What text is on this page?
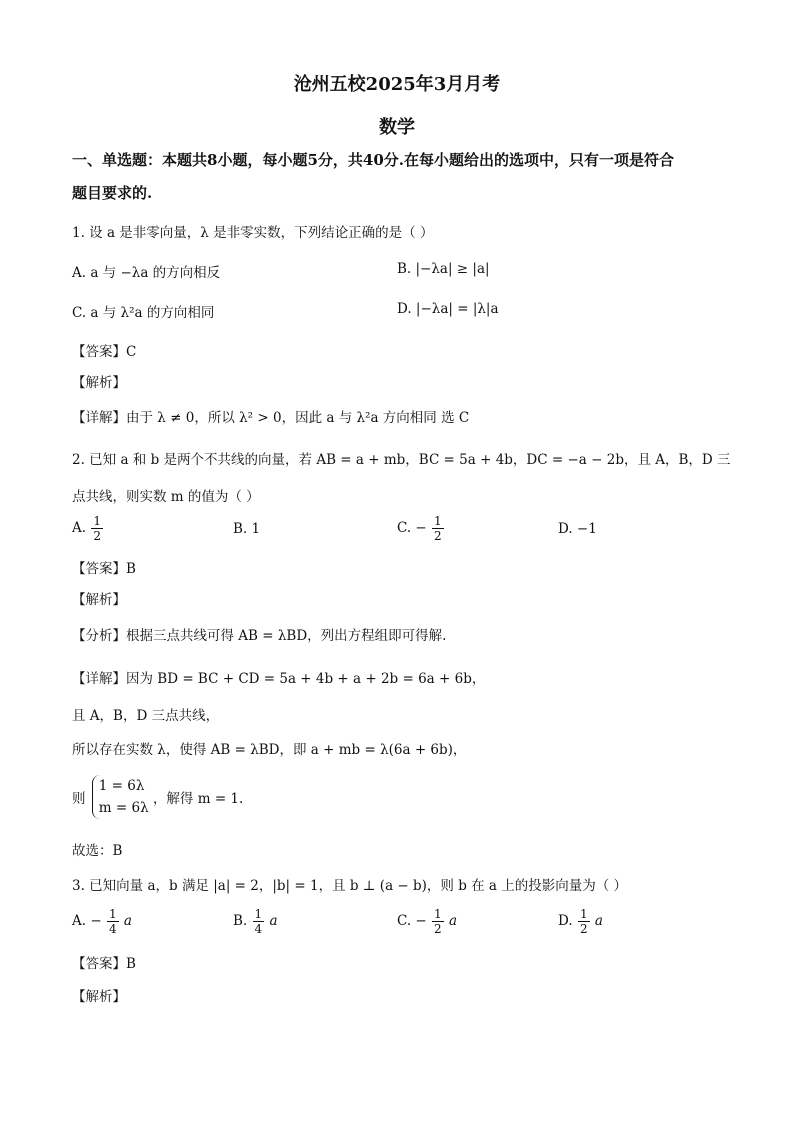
沧州五校2025年3月月考
数学
一、单选题：本题共8小题，每小题5分，共40分.在每小题给出的选项中，只有一项是符合
题目要求的.
1. 设 a 是非零向量，λ 是非零实数，下列结论正确的是（ ）
A. a 与 −λa 的方向相反	B. |−λa| ≥ |a|
C. a 与 λ²a 的方向相同	D. |−λa| = |λ|a
【答案】C
【解析】
【详解】由于 λ ≠ 0，所以 λ² > 0，因此 a 与 λ²a 方向相同 选 C
2. 已知 a 和 b 是两个不共线的向量，若 AB = a + mb，BC = 5a + 4b，DC = −a − 2b，且 A，B，D 三
点共线，则实数 m 的值为（ ）
A. $\frac{1}{2}$	B. 1	C. − $\frac{1}{2}$	D. −1
【答案】B
【解析】
【分析】根据三点共线可得 AB = λBD，列出方程组即可得解.
【详解】因为 BD = BC + CD = 5a + 4b + a + 2b = 6a + 6b，
且 A，B，D 三点共线，
所以存在实数 λ，使得 AB = λBD，即 a + mb = λ(6a + 6b)，
则
1 = 6λ
m = 6λ
，解得 m = 1.
故选：B
3. 已知向量 a，b 满足 |a| = 2，|b| = 1，且 b ⊥ (a − b)，则 b 在 a 上的投影向量为（ ）
A. − $\frac{1}{4}$ a	B. $\frac{1}{4}$ a	C. − $\frac{1}{2}$ a	D. $\frac{1}{2}$ a
【答案】B
【解析】
